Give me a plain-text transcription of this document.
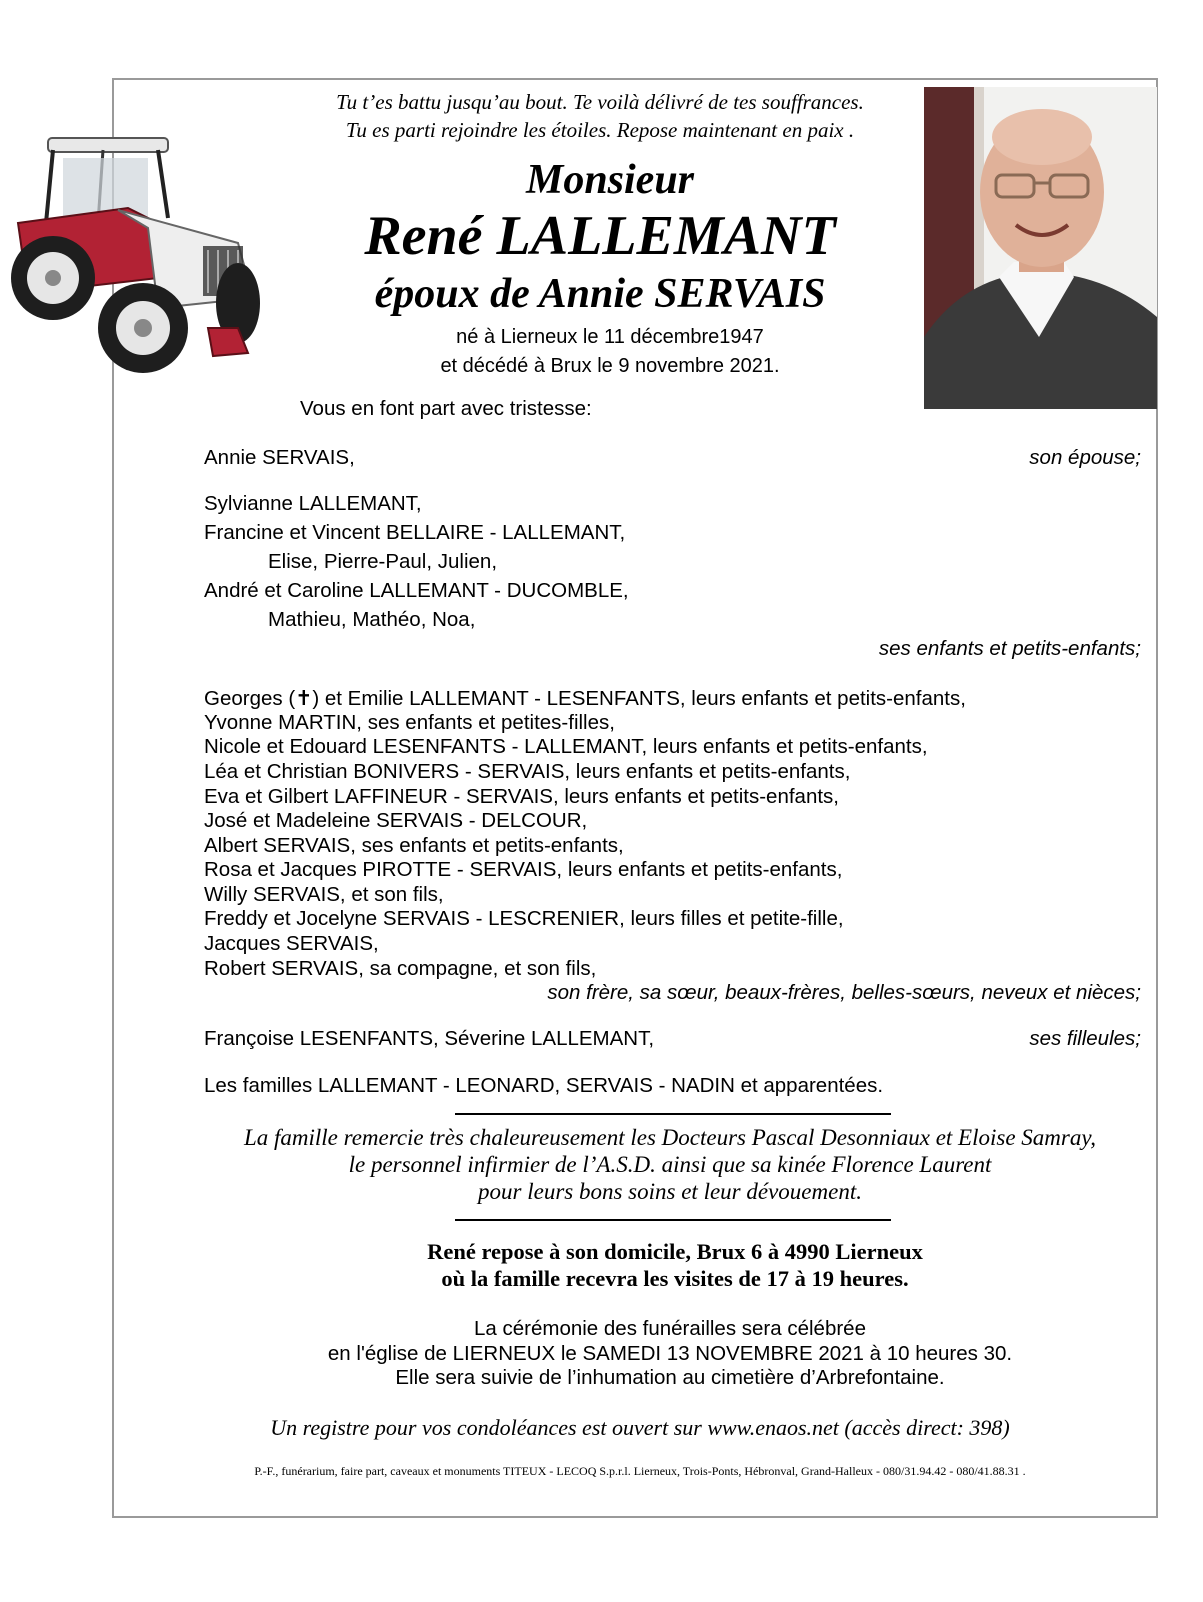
Tu t’es battu jusqu’au bout. Te voilà délivré de tes souffrances.
Tu es parti rejoindre les étoiles. Repose maintenant en paix .
Monsieur
René LALLEMANT
époux de Annie SERVAIS
né à Lierneux le 11 décembre1947
et décédé à Brux le 9 novembre 2021.
Vous en font part avec tristesse:
Annie SERVAIS,	son épouse;
Sylvianne LALLEMANT,
Francine et Vincent BELLAIRE - LALLEMANT,
Elise, Pierre-Paul, Julien,
André et Caroline LALLEMANT - DUCOMBLE,
Mathieu, Mathéo, Noa,
ses enfants et petits-enfants;
Georges (✝) et Emilie LALLEMANT - LESENFANTS, leurs enfants et petits-enfants,
Yvonne MARTIN, ses enfants et petites-filles,
Nicole et Edouard LESENFANTS - LALLEMANT, leurs enfants et petits-enfants,
Léa et Christian BONIVERS - SERVAIS, leurs enfants et petits-enfants,
Eva et Gilbert LAFFINEUR - SERVAIS, leurs enfants et petits-enfants,
José et Madeleine SERVAIS - DELCOUR,
Albert SERVAIS, ses enfants et petits-enfants,
Rosa et Jacques PIROTTE - SERVAIS, leurs enfants et petits-enfants,
Willy SERVAIS, et son fils,
Freddy et Jocelyne SERVAIS - LESCRENIER, leurs filles et petite-fille,
Jacques SERVAIS,
Robert SERVAIS, sa compagne, et son fils,
son frère, sa sœur, beaux-frères, belles-sœurs, neveux et nièces;
Françoise LESENFANTS, Séverine LALLEMANT,	ses filleules;
Les familles LALLEMANT - LEONARD, SERVAIS - NADIN et apparentées.
La famille remercie très chaleureusement les Docteurs Pascal Desonniaux et Eloise Samray,
le personnel infirmier de l’A.S.D. ainsi que sa kinée Florence Laurent
pour leurs bons soins et leur dévouement.
René repose à son domicile, Brux 6 à 4990 Lierneux
où la famille recevra les visites de 17 à 19 heures.
La cérémonie des funérailles sera célébrée
en l'église de LIERNEUX le SAMEDI 13 NOVEMBRE 2021 à 10 heures 30.
Elle sera suivie de l’inhumation au cimetière d’Arbrefontaine.
Un registre pour vos condoléances est ouvert sur www.enaos.net (accès direct: 398)
P.-F., funérarium, faire part, caveaux et monuments TITEUX - LECOQ S.p.r.l. Lierneux, Trois-Ponts, Hébronval, Grand-Halleux - 080/31.94.42 - 080/41.88.31 .
